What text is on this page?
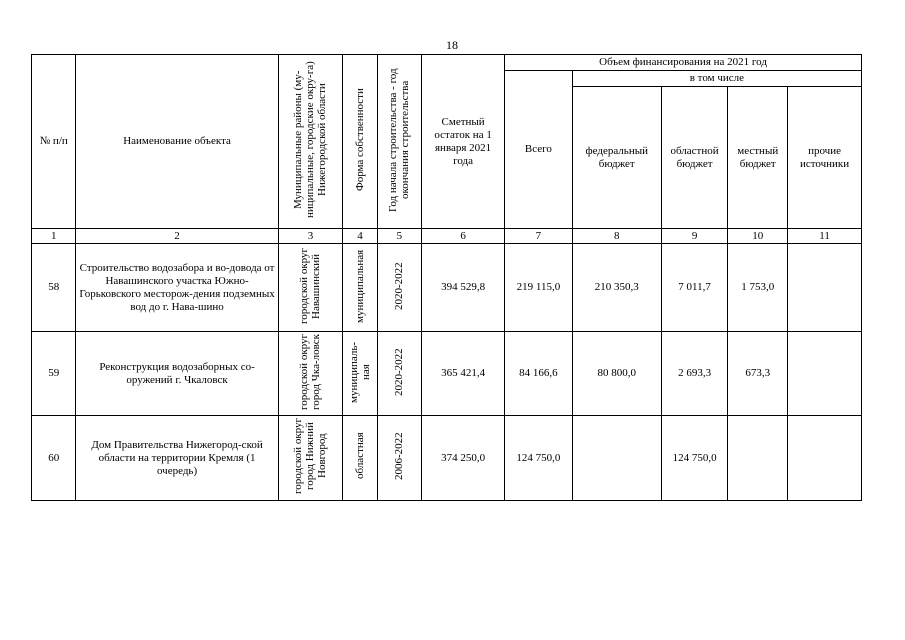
18
№ п/п	Наименование объекта	Муниципальные районы (му-ниципальные, городские окру-га) Нижегородской области	Форма собственности	Год начала строительства - год окончания строительства	Сметный остаток на 1 января 2021 года	Объем финансирования на 2021 год				
						Всего	в том числе			
							федеральный бюджет	областной бюджет	местный бюджет	прочие источники
1	2	3	4	5	6	7	8	9	10	11
58	Строительство водозабора и во-довода от Навашинского участка Южно-Горьковского месторож-дения подземных вод до г. Нава-шино	городской округ Навашинский	муниципальная	2020-2022	394 529,8	219 115,0	210 350,3	7 011,7	1 753,0	
59	Реконструкция водозаборных со-оружений г. Чкаловск	городской округ город Чка-ловск	муниципаль-ная	2020-2022	365 421,4	84 166,6	80 800,0	2 693,3	673,3	
60	Дом Правительства Нижегород-ской области на территории Кремля (1 очередь)	городской округ город Нижний Новгород	областная	2006-2022	374 250,0	124 750,0		124 750,0		
